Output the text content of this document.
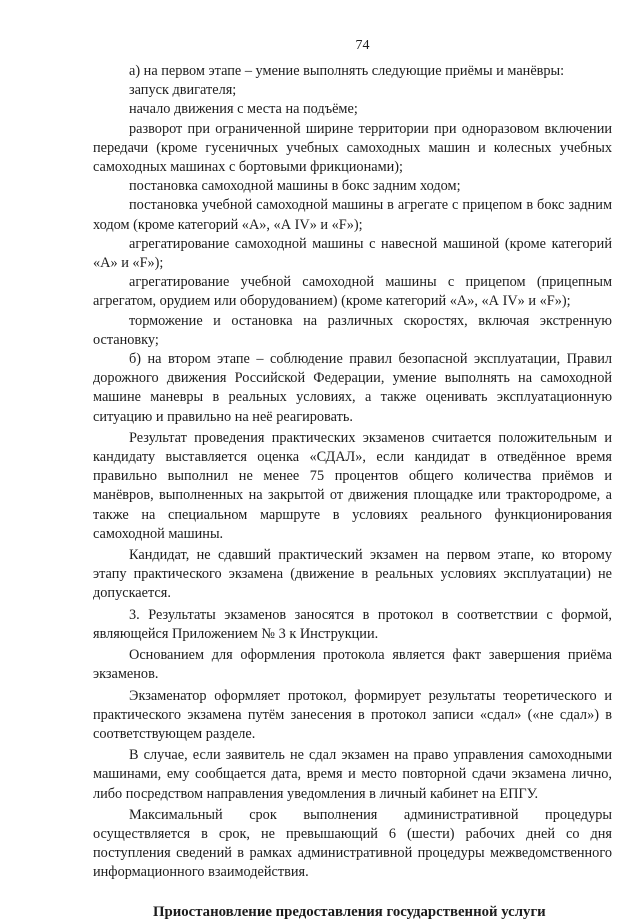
74

а) на первом этапе – умение выполнять следующие приёмы и манёвры:

запуск двигателя;

начало движения с места на подъёме;

разворот при ограниченной ширине территории при одноразовом включении передачи (кроме гусеничных учебных самоходных машин и колесных учебных самоходных машинах с бортовыми фрикционами);

постановка самоходной машины в бокс задним ходом;

постановка учебной самоходной машины в агрегате с прицепом в бокс задним ходом (кроме категорий «А», «А IV» и «F»);

агрегатирование самоходной машины с навесной машиной (кроме категорий «А» и «F»);

агрегатирование учебной самоходной машины с прицепом (прицепным агрегатом, орудием или оборудованием) (кроме категорий «А», «А IV» и «F»);

торможение и остановка на различных скоростях, включая экстренную остановку;

б) на втором этапе – соблюдение правил безопасной эксплуатации, Правил дорожного движения Российской Федерации, умение выполнять на самоходной машине маневры в реальных условиях, а также оценивать эксплуатационную ситуацию и правильно на неё реагировать.

Результат проведения практических экзаменов считается положительным и кандидату выставляется оценка «СДАЛ», если кандидат в отведённое время правильно выполнил не менее 75 процентов общего количества приёмов и манёвров, выполненных на закрытой от движения площадке или трактородроме, а также на специальном маршруте в условиях реального функционирования самоходной машины.

Кандидат, не сдавший практический экзамен на первом этапе, ко второму этапу практического экзамена (движение в реальных условиях эксплуатации) не допускается.

3. Результаты экзаменов заносятся в протокол в соответствии с формой, являющейся Приложением № 3 к Инструкции.

Основанием для оформления протокола является факт завершения приёма экзаменов.

Экзаменатор оформляет протокол, формирует результаты теоретического и практического экзамена путём занесения в протокол записи «сдал» («не сдал») в соответствующем разделе.

В случае, если заявитель не сдал экзамен на право управления самоходными машинами, ему сообщается дата, время и место повторной сдачи экзамена лично, либо посредством направления уведомления в личный кабинет на ЕПГУ.

Максимальный срок выполнения административной процедуры осуществляется в срок, не превышающий 6 (шести) рабочих дней со дня поступления сведений в рамках административной процедуры межведомственного информационного взаимодействия.

Приостановление предоставления государственной услуги
